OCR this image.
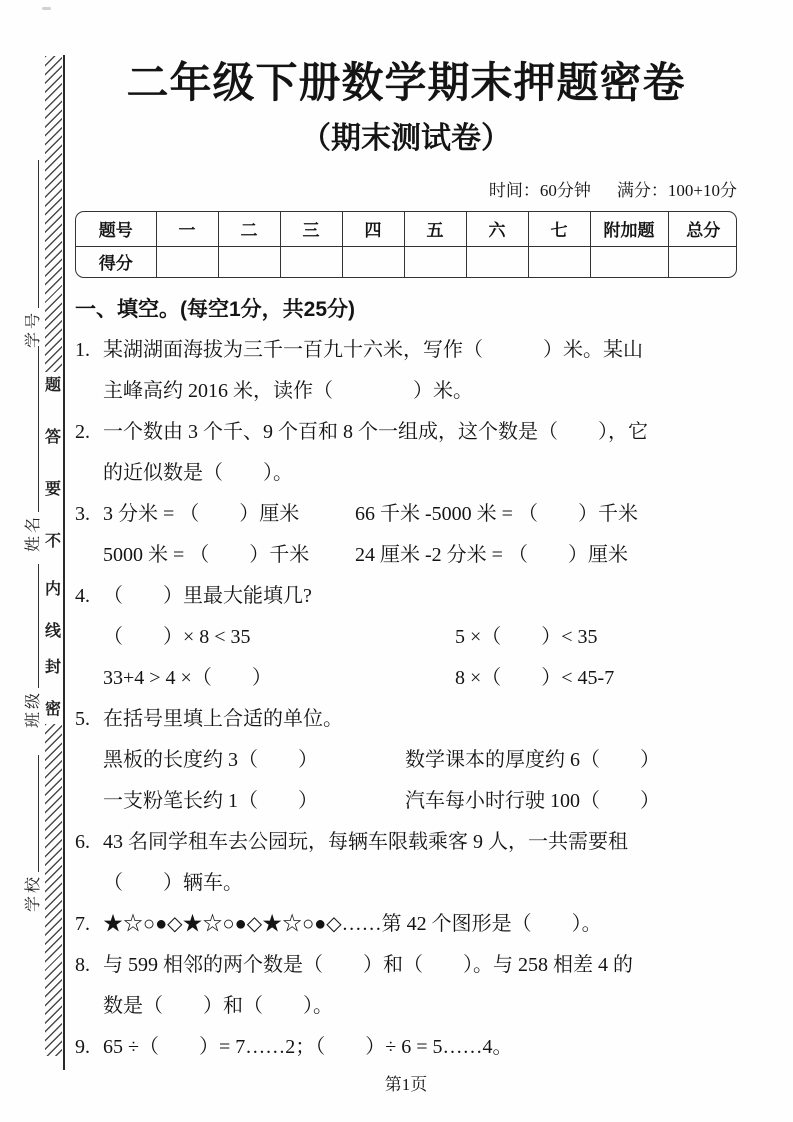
题
答
要
不
内
线
封
密
学号
姓名
班级
学校
二年级下册数学期末押题密卷
（期末测试卷）
时间：60分钟 满分：100+10分
题号	一	二	三	四	五	六	七	附加题	总分
得分									
一、填空。(每空1分，共25分)
1. 某湖湖面海拔为三千一百九十六米，写作（　　　）米。某山
主峰高约 2016 米，读作（　　　　）米。
2. 一个数由 3 个千、9 个百和 8 个一组成，这个数是（　　），它
的近似数是（　　）。
3. 3 分米 = （　　）厘米	66 千米 -5000 米 = （　　）千米
5000 米 = （　　）千米	24 厘米 -2 分米 = （　　）厘米
4. （　　）里最大能填几?
（　　）× 8 < 35	5 ×（　　）< 35
33+4 > 4 ×（　　）	8 ×（　　）< 45-7
5. 在括号里填上合适的单位。
黑板的长度约 3（　　）	数学课本的厚度约 6（　　）
一支粉笔长约 1（　　）	汽车每小时行驶 100（　　）
6. 43 名同学租车去公园玩，每辆车限载乘客 9 人，一共需要租
（　　）辆车。
7. ★☆○●◇★☆○●◇★☆○●◇……第 42 个图形是（　　）。
8. 与 599 相邻的两个数是（　　）和（　　）。与 258 相差 4 的
数是（　　）和（　　）。
9. 65 ÷（　　）= 7……2；（　　）÷ 6 = 5……4。
第1页
